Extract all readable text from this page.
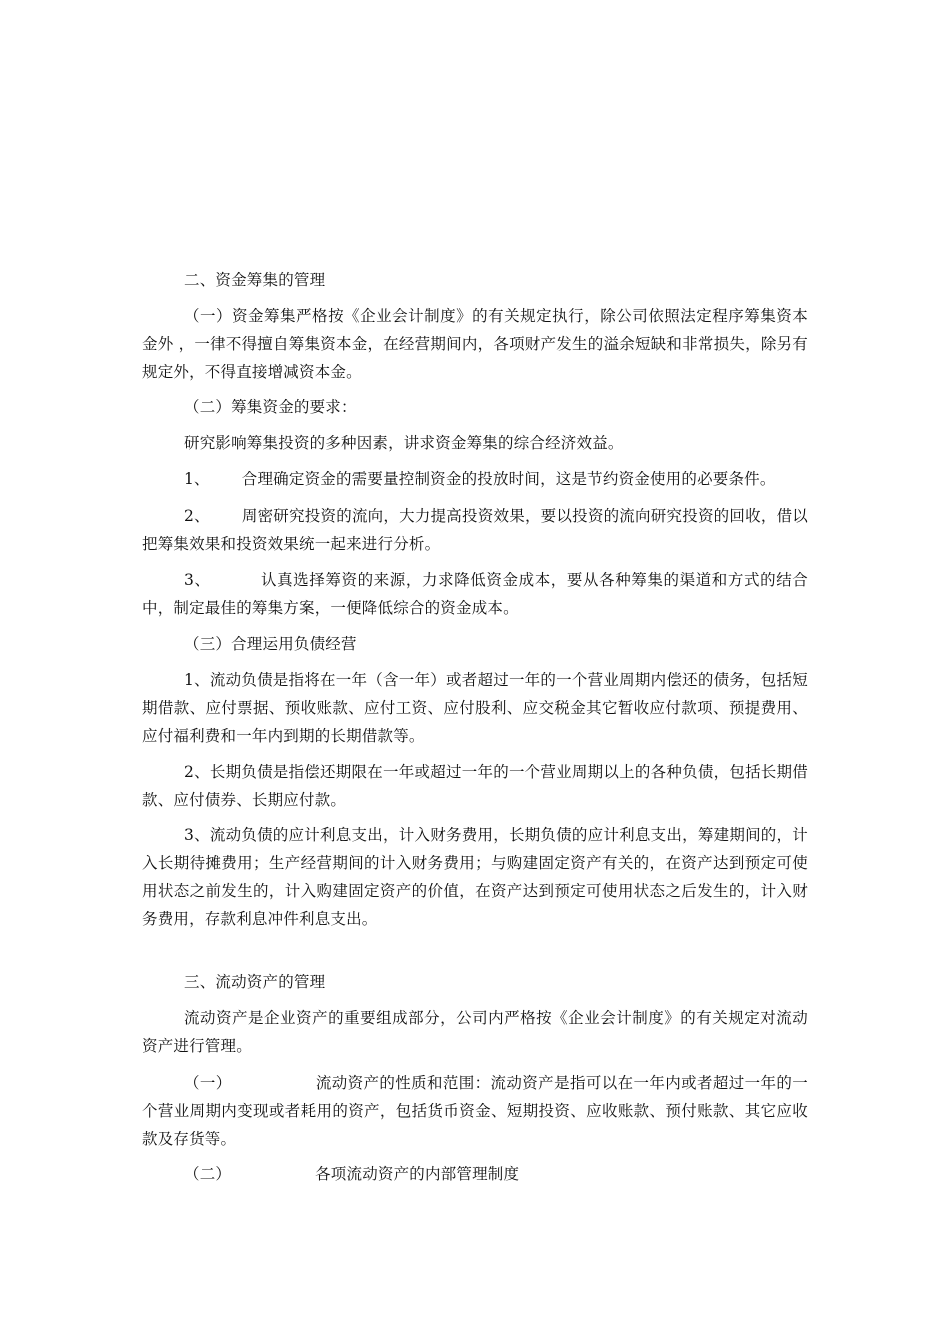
二、资金筹集的管理

（一）资金筹集严格按《企业会计制度》的有关规定执行，除公司依照法定程序筹集资本金外 ，一律不得擅自筹集资本金，在经营期间内，各项财产发生的溢余短缺和非常损失，除另有规定外，不得直接增减资本金。

（二）筹集资金的要求：

研究影响筹集投资的多种因素，讲求资金筹集的综合经济效益。

1、 合理确定资金的需要量控制资金的投放时间，这是节约资金使用的必要条件。

2、 周密研究投资的流向，大力提高投资效果，要以投资的流向研究投资的回收，借以把筹集效果和投资效果统一起来进行分析。

3、	认真选择筹资的来源，力求降低资金成本，要从各种筹集的渠道和方式的结合中，制定最佳的筹集方案，一便降低综合的资金成本。

（三）合理运用负债经营

1、流动负债是指将在一年（含一年）或者超过一年的一个营业周期内偿还的债务，包括短期借款、应付票据、预收账款、应付工资、应付股利、应交税金其它暂收应付款项、预提费用、应付福利费和一年内到期的长期借款等。

2、长期负债是指偿还期限在一年或超过一年的一个营业周期以上的各种负债，包括长期借款、应付债券、长期应付款。

3、流动负债的应计利息支出，计入财务费用，长期负债的应计利息支出，筹建期间的，计入长期待摊费用；生产经营期间的计入财务费用；与购建固定资产有关的，在资产达到预定可使用状态之前发生的，计入购建固定资产的价值，在资产达到预定可使用状态之后发生的，计入财务费用，存款利息冲件利息支出。

三、流动资产的管理

流动资产是企业资产的重要组成部分，公司内严格按《企业会计制度》的有关规定对流动资产进行管理。

（一）	流动资产的性质和范围：流动资产是指可以在一年内或者超过一年的一个营业周期内变现或者耗用的资产，包括货币资金、短期投资、应收账款、预付账款、其它应收款及存货等。

（二）	各项流动资产的内部管理制度
